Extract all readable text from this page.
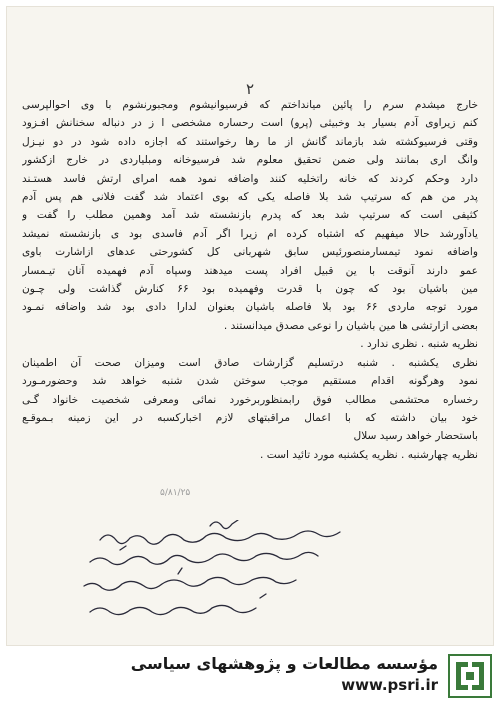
۲
خارج میشدم سرم را پائین میانداختم که فرسیوانیشوم ومجبورنشوم با وی احوالپرسی
کنم زیراوی آدم بسیار بد وخبیثی (پرو) است رحساره مشخصی ا ز در دنباله سخنانش افـزود
وقتی فرسیوکشته شد بازماند گانش از ما رها رخواستند که اجازه داده شود در دو نیـزل
وانگ اری بمانند ولی ضمن تحقیق معلوم شد فرسیوخانه ومبلیاردی در خارج ازکشور
دارد وحکم کردند که خانه راتخلیه کنند واضافه نمود همه امرای ارتش فاسد هستـند
پدر من هم که سرتیپ شد بلا فاصله یکی که بوی اعتماد شد گفت فلانی هم پس آدم
کثیفی است که سرتیپ شد بعد که پدرم بازنشسته شد آمد وهمین مطلب را گفت و
یادآورشد حالا میفهیم که اشتباه کرده ام زیرا اگر آدم فاسدی بود ی بازنشسته نمیشد
واضافه نمود تیمسارمنصورئیس سابق شهربانی کل کشورحتی عدهای ازاشارت باوی
عمو دارند آنوقت با ین قبیل افراد پست میدهند وسپاه آدم فهمیده آنان تیـمسار
مین باشیان بود که چون با قدرت وفهمیده بود ۶۶ کنارش گذاشت ولی چـون
مورد توجه ماردی ۶۶ بود بلا فاصله باشیان بعنوان لدارا دادی بود شد واضافه نمـود
بعضی ازارتشی ها مین باشیان را نوعی مصدق میدانستند .
نظریه شنبه . نظری ندارد .
نظری یکشنبه . شنبه درتسلیم گزارشات صادق است ومیزان صحت آن اطمینان
نمود وهرگونه اقدام مستقیم موجب سوختن شدن شنبه خواهد شد وحضورمـورد
رخساره محتشمی مطالب فوق رابمنظوربرخورد نمائی ومعرفی شخصیت خانواد گـی
خود بیان داشته که با اعمال مراقبتهای لازم اخبارکسبه در این زمینه بـموقـع
باستحضار خواهد رسید سلال
نظریه چهارشنبه . نظریه یکشنبه مورد تائید است .
۵/۸۱/۲۵
مؤسسه مطالعات و پژوهشهای سیاسی
www.psri.ir
